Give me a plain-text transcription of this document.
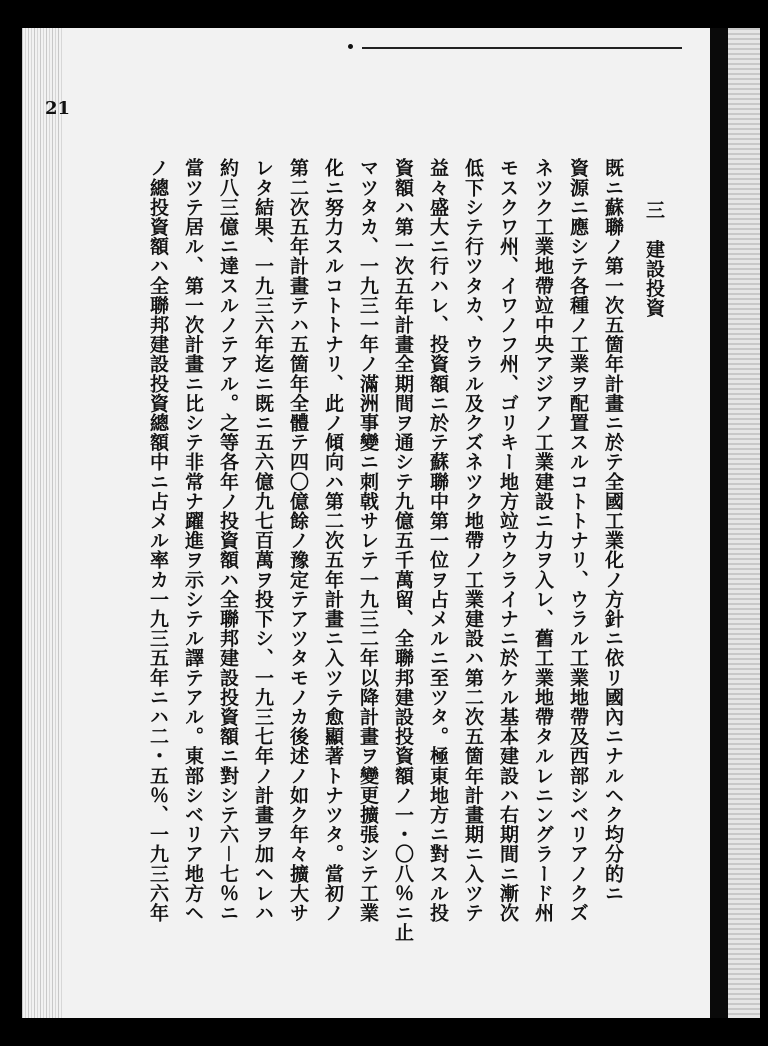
21

三　建設投資

既ニ蘇聯ノ第一次五箇年計畫ニ於テ全國工業化ノ方針ニ依リ國內ニナルヘク均分的ニ

資源ニ應シテ各種ノ工業ヲ配置スルコトトナリ、ウラル工業地帶及西部シベリアノクズ

ネツク工業地帶竝中央アジアノ工業建設ニ力ヲ入レ、舊工業地帶タルレニングラード州

モスクワ州、イワノフ州、ゴリキー地方竝ウクライナニ於ケル基本建設ハ右期間ニ漸次

低下シテ行ツタカ、ウラル及クズネツク地帶ノ工業建設ハ第二次五箇年計畫期ニ入ツテ

益々盛大ニ行ハレ、投資額ニ於テ蘇聯中第一位ヲ占メルニ至ツタ。極東地方ニ對スル投

資額ハ第一次五年計畫全期間ヲ通シテ九億五千萬留、全聯邦建設投資額ノ一・〇八％ニ止

マツタカ、一九三一年ノ滿洲事變ニ刺戟サレテ一九三二年以降計畫ヲ變更擴張シテ工業

化ニ努力スルコトトナリ、此ノ傾向ハ第二次五年計畫ニ入ツテ愈顯著トナツタ。當初ノ

第二次五年計畫テハ五箇年全體テ四〇億餘ノ豫定テアツタモノカ後述ノ如ク年々擴大サ

レタ結果、一九三六年迄ニ既ニ五六億九七百萬ヲ投下シ、一九三七年ノ計畫ヲ加ヘレハ

約八三億ニ達スルノテアル。之等各年ノ投資額ハ全聯邦建設投資額ニ對シテ六－七％ニ

當ツテ居ル、第一次計畫ニ比シテ非常ナ躍進ヲ示シテル譯テアル。東部シベリア地方ヘ

ノ總投資額ハ全聯邦建設投資總額中ニ占メル率カ一九三五年ニハ二・五％、一九三六年
